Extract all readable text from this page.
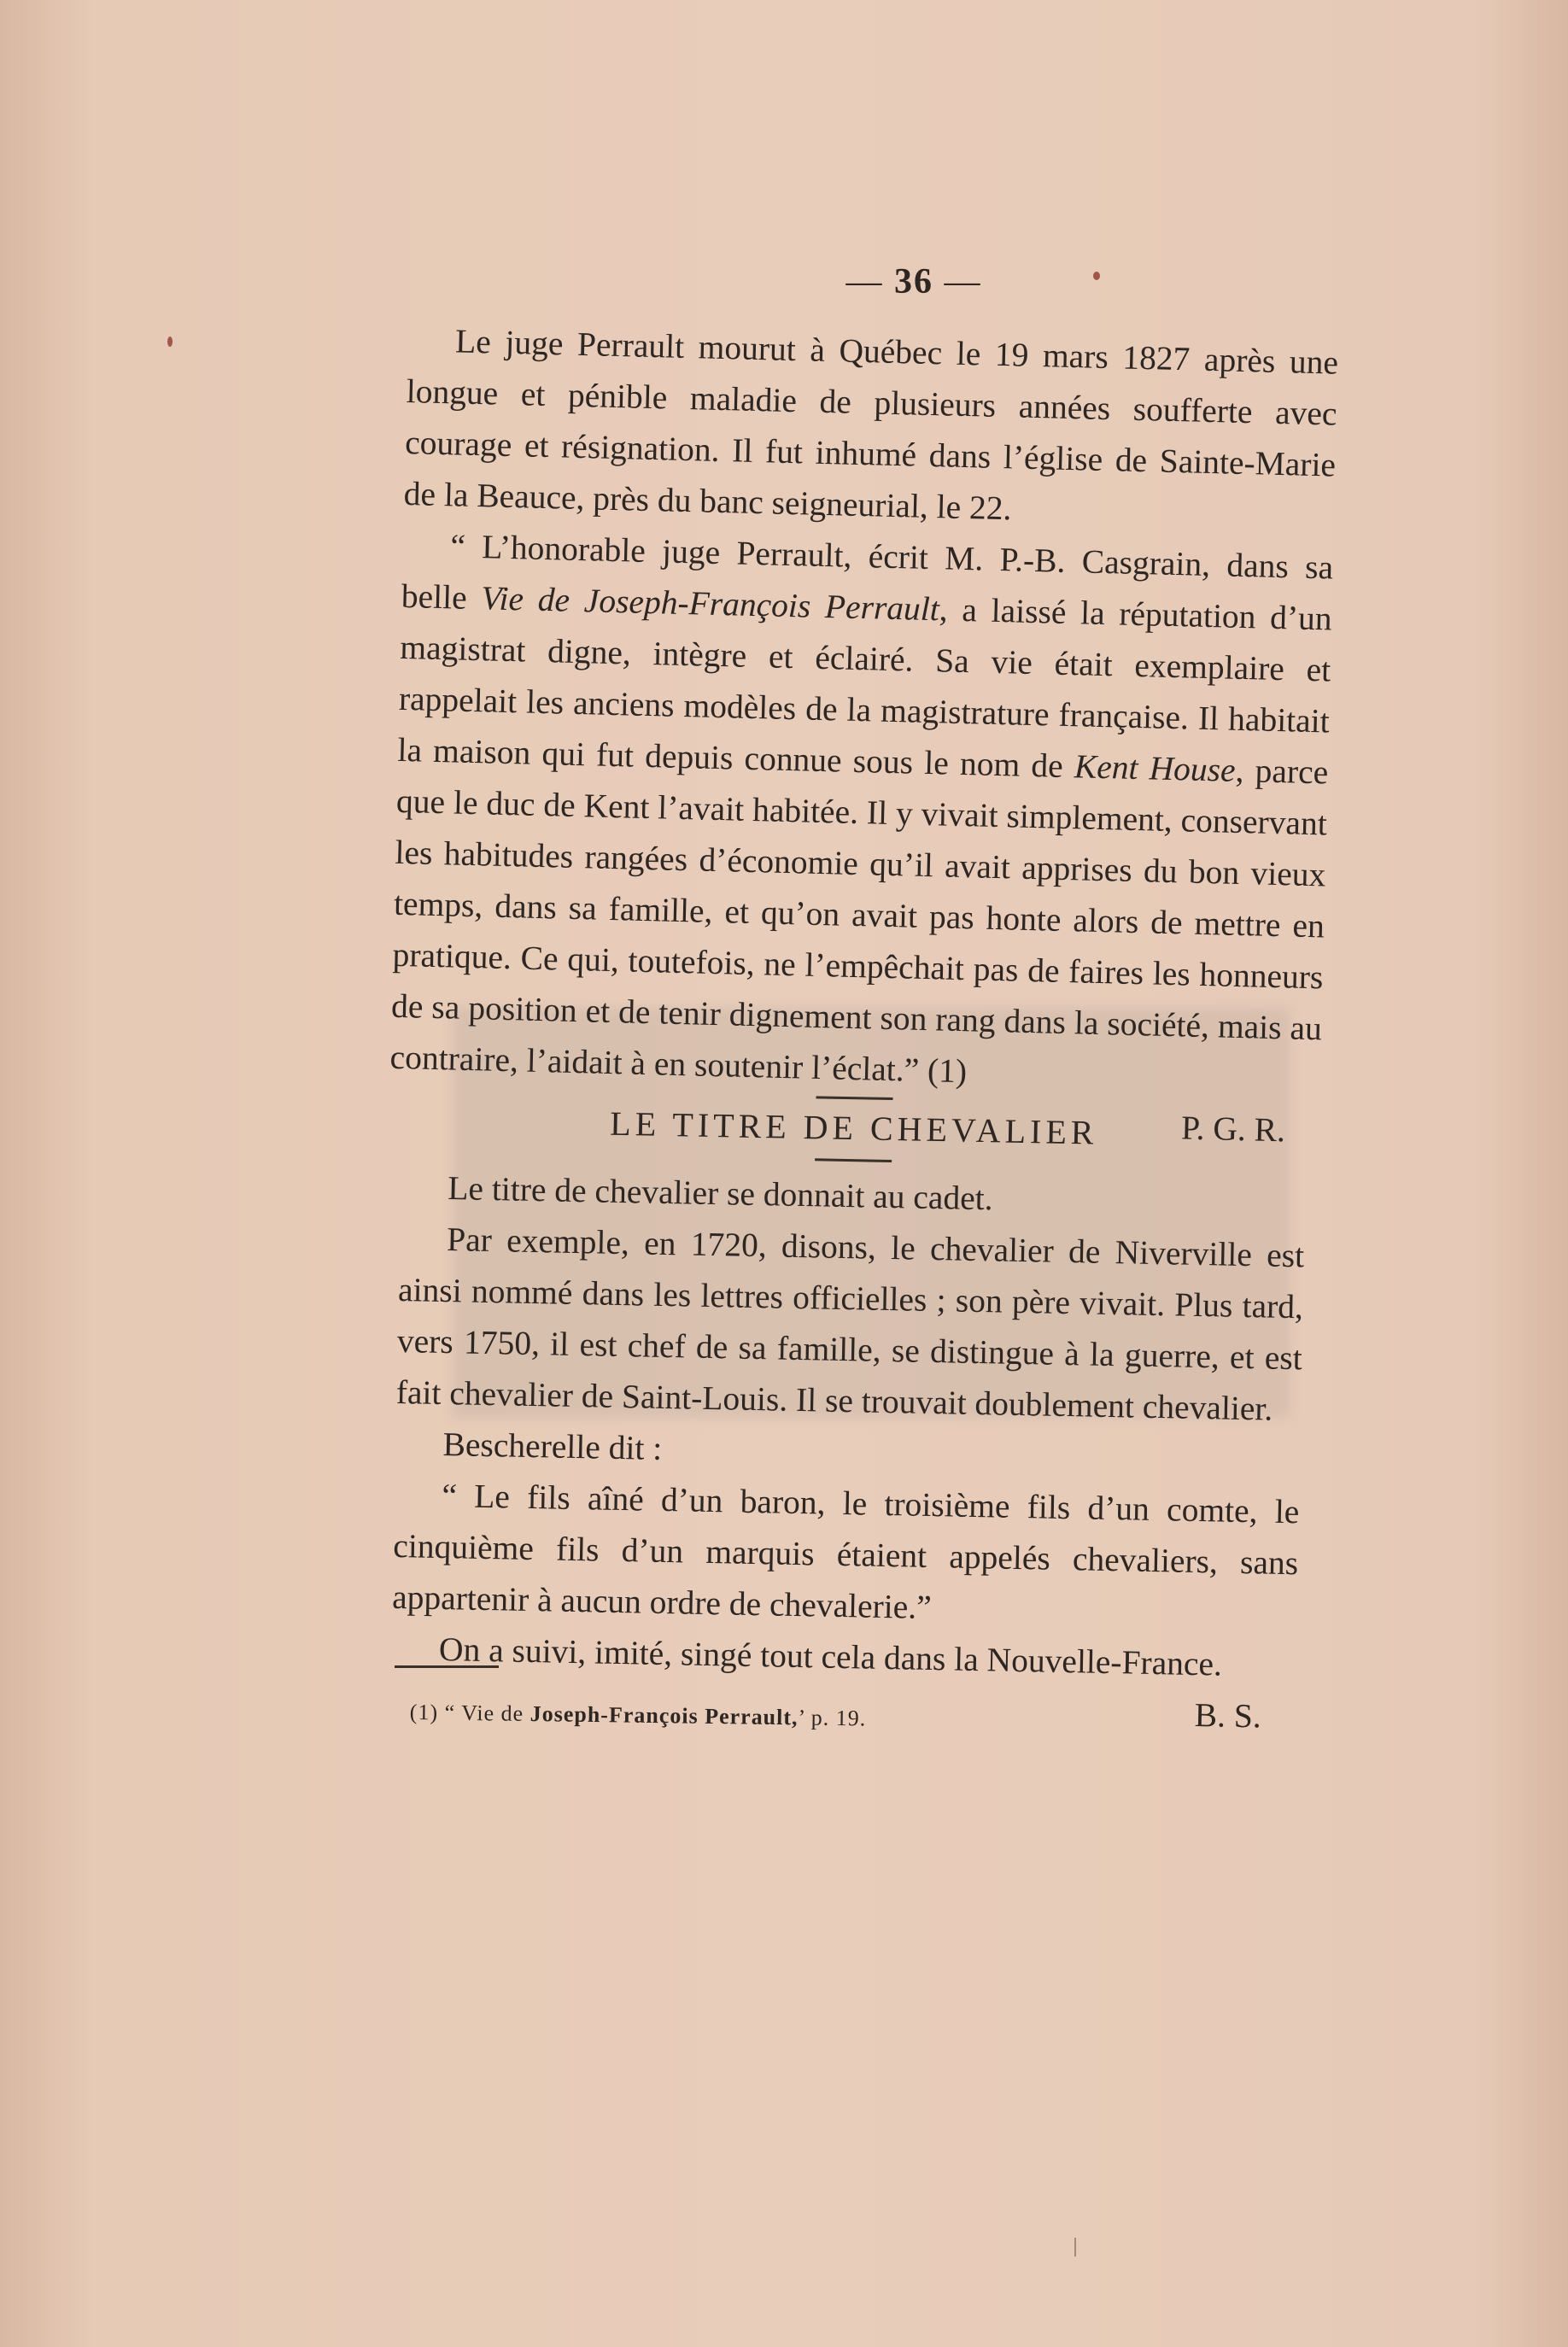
— 36 —

Le juge Perrault mourut à Québec le 19 mars 1827 après une longue et pénible maladie de plusieurs années soufferte avec courage et résignation. Il fut inhumé dans l’église de Sainte-Marie de la Beauce, près du banc seigneurial, le 22.

“ L’honorable juge Perrault, écrit M. P.-B. Casgrain, dans sa belle Vie de Joseph-François Perrault, a laissé la réputation d’un magistrat digne, intègre et éclairé. Sa vie était exemplaire et rappelait les anciens modèles de la magistrature française. Il habitait la maison qui fut depuis connue sous le nom de Kent House, parce que le duc de Kent l’avait habitée. Il y vivait simplement, conservant les habitudes rangées d’économie qu’il avait apprises du bon vieux temps, dans sa famille, et qu’on avait pas honte alors de mettre en pratique. Ce qui, toutefois, ne l’empêchait pas de faires les honneurs de sa position et de tenir dignement son rang dans la société, mais au contraire, l’aidait à en soutenir l’éclat.” (1)

P. G. R.

LE TITRE DE CHEVALIER

Le titre de chevalier se donnait au cadet.

Par exemple, en 1720, disons, le chevalier de Niverville est ainsi nommé dans les lettres officielles ; son père vivait. Plus tard, vers 1750, il est chef de sa famille, se distingue à la guerre, et est fait chevalier de Saint-Louis. Il se trouvait doublement chevalier.

Bescherelle dit :

“ Le fils aîné d’un baron, le troisième fils d’un comte, le cinquième fils d’un marquis étaient appelés chevaliers, sans appartenir à aucun ordre de chevalerie.”

On a suivi, imité, singé tout cela dans la Nouvelle-France.

B. S.

(1) “ Vie de Joseph-François Perrault,’ p. 19.
